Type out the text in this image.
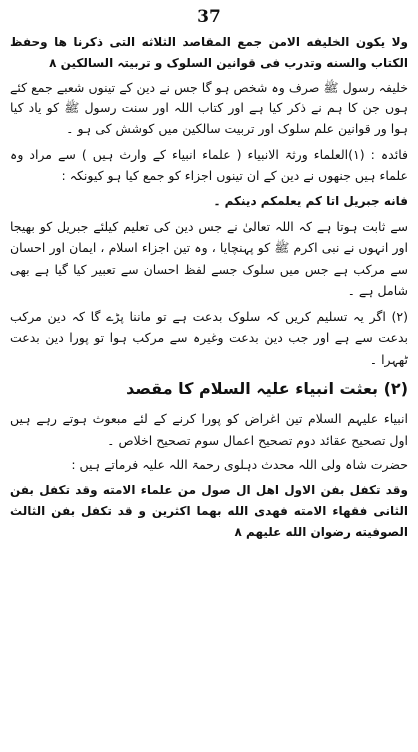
37

ولا یکون الخلیفه الامن جمع المقاصد الثلاثه التی ذکرنا ها وحفظ الکتاب والسنه وتدرب فی قوانین السلوک و تربیتہ السالکین ۸

خلیفہ رسول ﷺ صرف وہ شخص ہو گا جس نے دین کے تینوں شعبے جمع کئے ہوں جن کا ہم نے ذکر کیا ہے اور کتاب اللہ اور سنت رسول ﷺ کو یاد کیا ہوا ور قوانین علم سلوک اور تربیت سالکین میں کوشش کی ہو ۔

فائدہ : (۱)العلماء ورثۃ الانبیاء ( علماء انبیاء کے وارث ہیں ) سے مراد وہ علماء ہیں جنھوں نے دین کے ان تینوں اجزاء کو جمع کیا ہو کیونکہ :

فانه جبریل اتا کم یعلمکم دینکم ۔

سے ثابت ہوتا ہے کہ اللہ تعالیٰ نے جس دین کی تعلیم کیلئے جبریل کو بھیجا اور انہوں نے نبی اکرم ﷺ کو پہنچایا ، وہ تین اجزاء اسلام ، ایمان اور احسان سے مرکب ہے جس میں سلوک جسے لفظ احسان سے تعبیر کیا گیا ہے بھی شامل ہے ۔

(۲) اگر یہ تسلیم کریں کہ سلوک بدعت ہے تو ماننا پڑے گا کہ دین مرکب بدعت سے ہے اور جب دین بدعت وغیرہ سے مرکب ہوا تو پورا دین بدعت ٹھہرا ۔

(۲) بعثت انبیاء علیہ السلام کا مقصد

انبیاء علیہم السلام تین اغراض کو پورا کرنے کے لئے مبعوث ہوتے رہے ہیں اول تصحیح عقائد دوم تصحیح اعمال سوم تصحیح اخلاص ۔

حضرت شاہ ولی اللہ محدث دہلوی رحمۃ اللہ علیہ فرماتے ہیں :

وقد تکفل بفن الاول اهل ال صول من علماء الامته وقد تکفل بفن الثانی فقهاء الامته فهدی الله بهما اکثرین و قد تکفل بفن الثالث الصوفیته رضوان الله علیهم ۸
